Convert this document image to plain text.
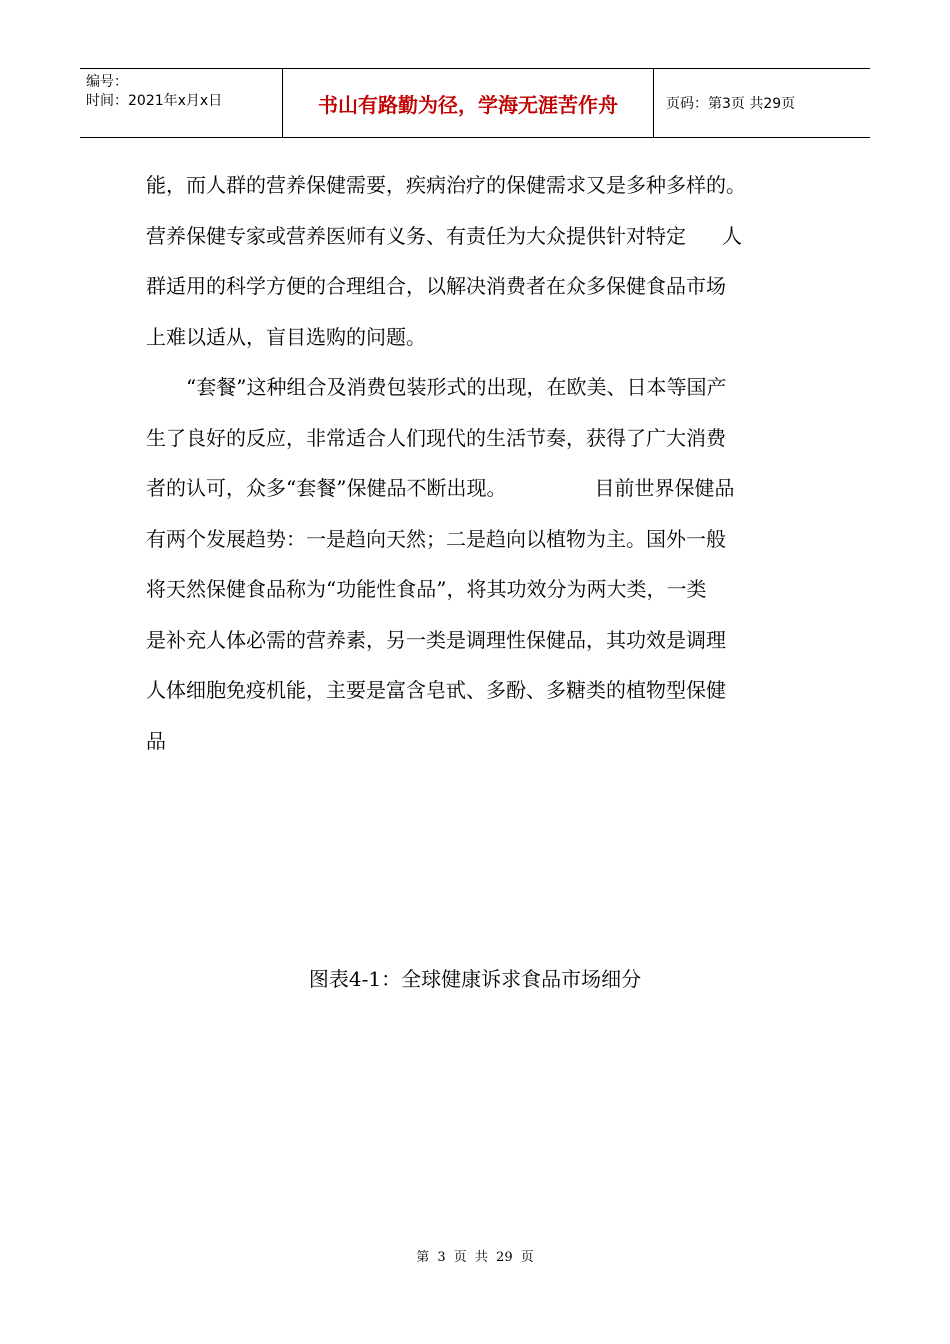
编号：
时间：2021年x月x日	书山有路勤为径，学海无涯苦作舟	页码：第3页 共29页

能，而人群的营养保健需要，疾病治疗的保健需求又是多种多样的。

营养保健专家或营养医师有义务、有责任为大众提供针对特定 人

群适用的科学方便的合理组合，以解决消费者在众多保健食品市场

上难以适从，盲目选购的问题。

“套餐”这种组合及消费包装形式的出现，在欧美、日本等国产

生了良好的反应，非常适合人们现代的生活节奏，获得了广大消费

者的认可，众多“套餐”保健品不断出现。	目前世界保健品

有两个发展趋势：一是趋向天然；二是趋向以植物为主。国外一般

将天然保健食品称为“功能性食品”，将其功效分为两大类，一类

是补充人体必需的营养素，另一类是调理性保健品，其功效是调理

人体细胞免疫机能，主要是富含皂甙、多酚、多糖类的植物型保健

品

图表4-1：全球健康诉求食品市场细分
第 3 页 共 29 页
